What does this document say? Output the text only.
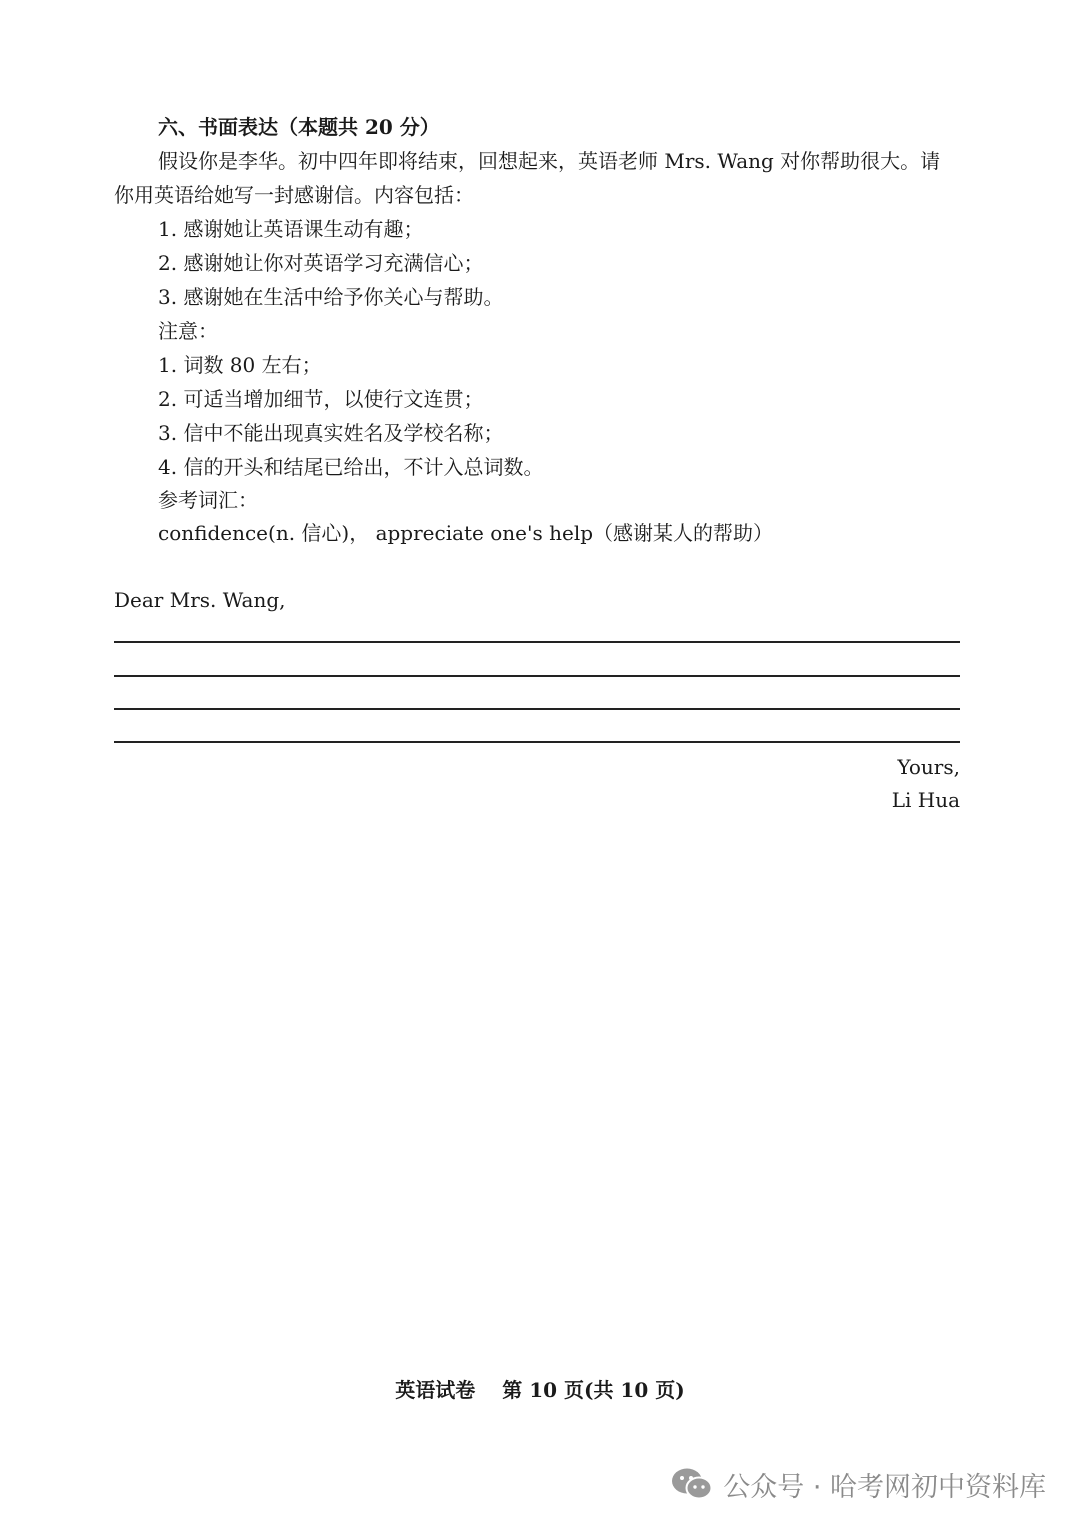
六、书面表达（本题共 20 分）
假设你是李华。初中四年即将结束，回想起来，英语老师 Mrs. Wang 对你帮助很大。请
你用英语给她写一封感谢信。内容包括：
1. 感谢她让英语课生动有趣；
2. 感谢她让你对英语学习充满信心；
3. 感谢她在生活中给予你关心与帮助。
注意：
1. 词数 80 左右；
2. 可适当增加细节，以使行文连贯；
3. 信中不能出现真实姓名及学校名称；
4. 信的开头和结尾已给出，不计入总词数。
参考词汇：
confidence(n. 信心)， appreciate one's help（感谢某人的帮助）
Dear Mrs. Wang,
Yours,
Li Hua
英语试卷 第 10 页(共 10 页)
公众号 · 哈考网初中资料库
